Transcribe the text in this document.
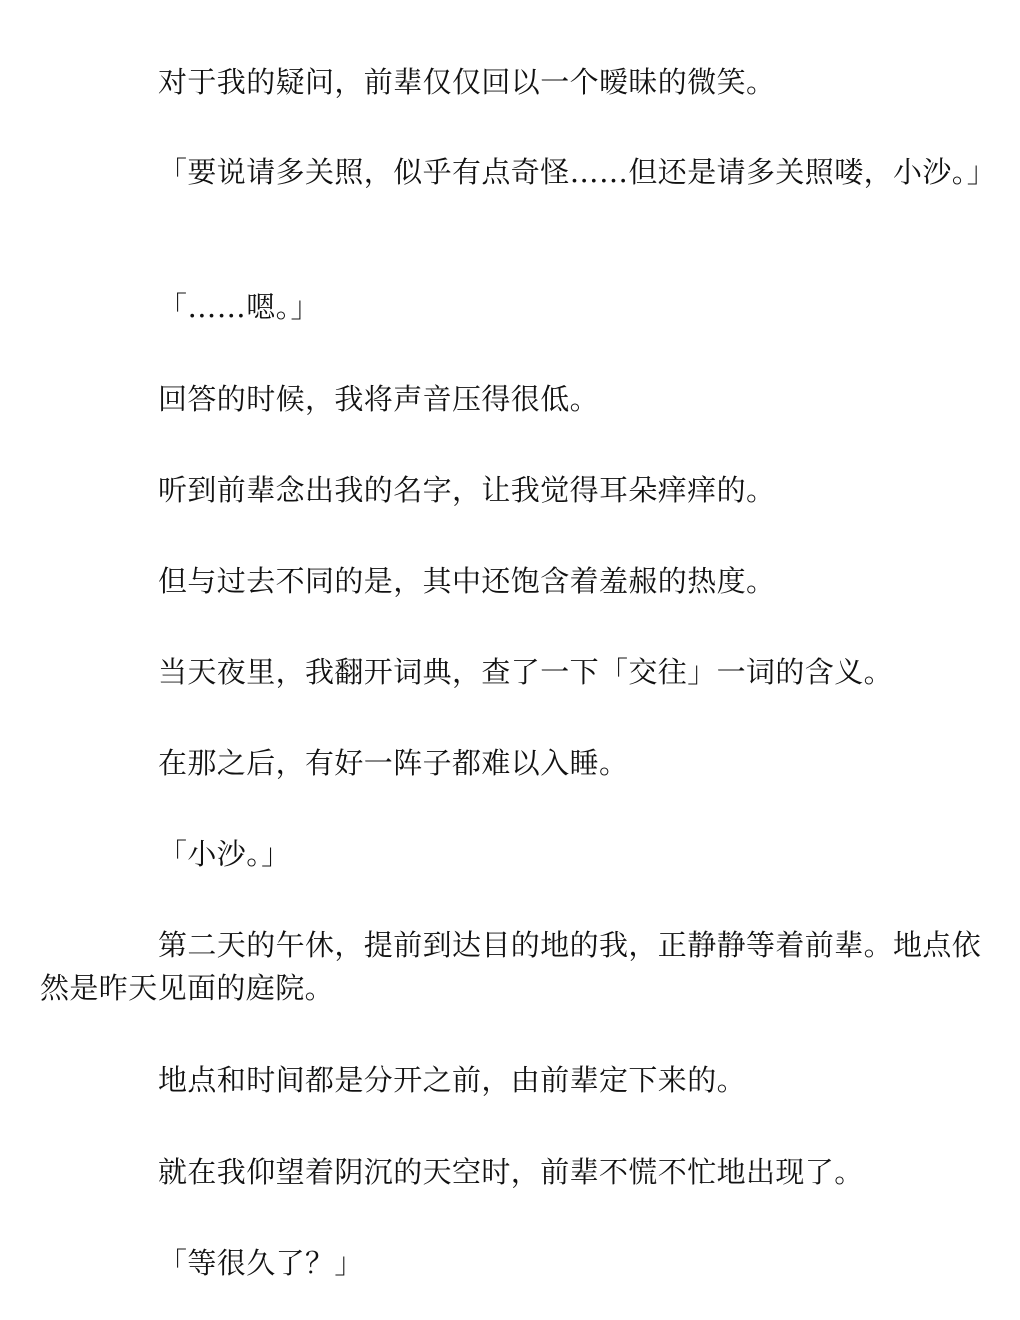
对于我的疑问，前辈仅仅回以一个暧昧的微笑。

「要说请多关照，似乎有点奇怪……但还是请多关照喽，小沙。」

「……嗯。」

回答的时候，我将声音压得很低。

听到前辈念出我的名字，让我觉得耳朵痒痒的。

但与过去不同的是，其中还饱含着羞赧的热度。

当天夜里，我翻开词典，查了一下「交往」一词的含义。

在那之后，有好一阵子都难以入睡。

「小沙。」

第二天的午休，提前到达目的地的我，正静静等着前辈。地点依然是昨天见面的庭院。

地点和时间都是分开之前，由前辈定下来的。

就在我仰望着阴沉的天空时，前辈不慌不忙地出现了。

「等很久了？」
